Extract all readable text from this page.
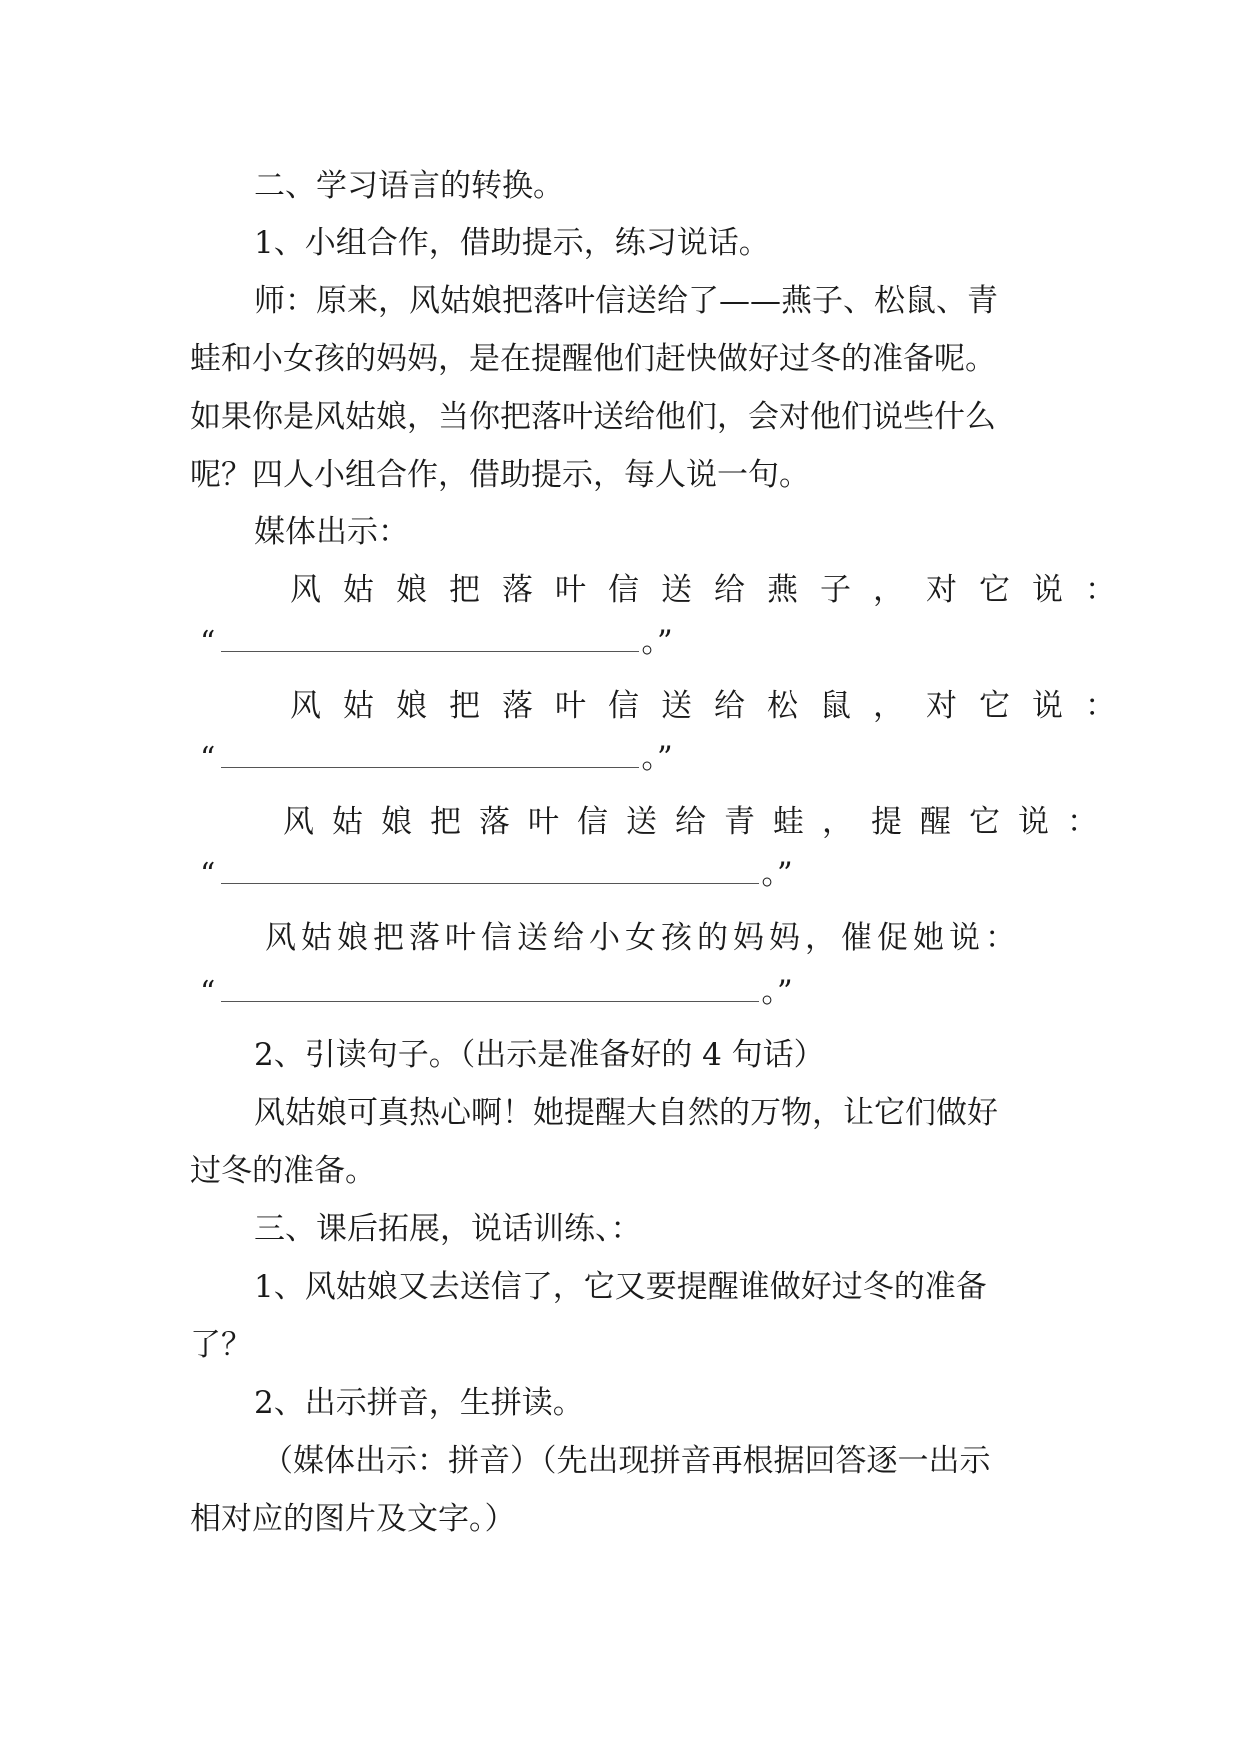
二、学习语言的转换。
1、小组合作，借助提示，练习说话。
师：原来，风姑娘把落叶信送给了——燕子、松鼠、青
蛙和小女孩的妈妈，是在提醒他们赶快做好过冬的准备呢。
如果你是风姑娘，当你把落叶送给他们，会对他们说些什么
呢？四人小组合作，借助提示，每人说一句。
媒体出示：
风姑娘把落叶信送给燕子，对它说：
“	。”
风姑娘把落叶信送给松鼠，对它说：
“	。”
风姑娘把落叶信送给青蛙，提醒它说：
“	。”
风姑娘把落叶信送给小女孩的妈妈，催促她说：
“	。”
2、引读句子。（出示是准备好的 4 句话）
风姑娘可真热心啊！她提醒大自然的万物，让它们做好
过冬的准备。
三、课后拓展，说话训练、：
1、风姑娘又去送信了，它又要提醒谁做好过冬的准备
了？
2、出示拼音，生拼读。
（媒体出示：拼音）（先出现拼音再根据回答逐一出示
相对应的图片及文字。）
